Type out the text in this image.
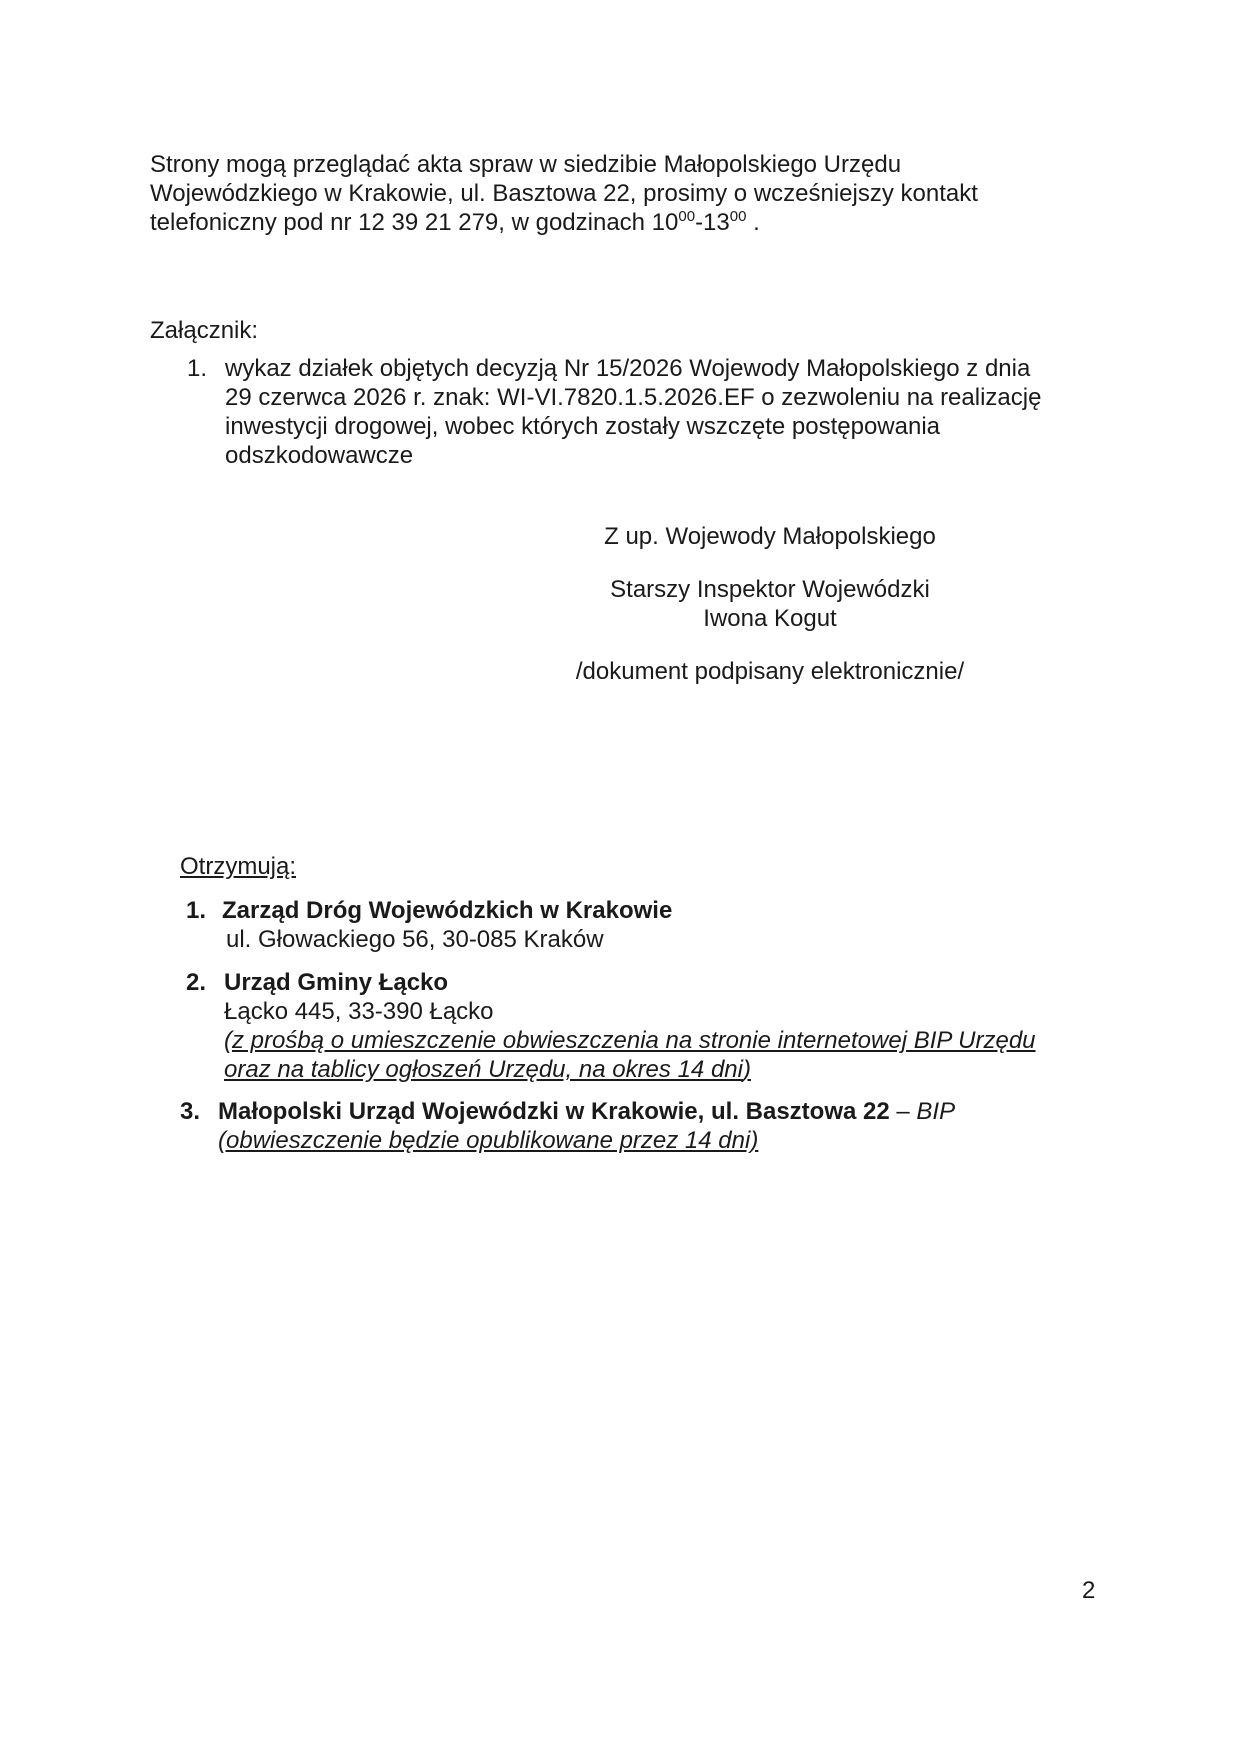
Strony mogą przeglądać akta spraw w siedzibie Małopolskiego Urzędu
Wojewódzkiego w Krakowie, ul. Basztowa 22, prosimy o wcześniejszy kontakt
telefoniczny pod nr 12 39 21 279, w godzinach $10^{00}-13^{00}$ .
Załącznik:
1. wykaz działek objętych decyzją Nr 15/2026 Wojewody Małopolskiego z dnia
29 czerwca 2026 r. znak: WI-VI.7820.1.5.2026.EF o zezwoleniu na realizację
inwestycji drogowej, wobec których zostały wszczęte postępowania
odszkodowawcze
Z up. Wojewody Małopolskiego
Starszy Inspektor Wojewódzki
Iwona Kogut
/dokument podpisany elektronicznie/
Otrzymują:
1. Zarząd Dróg Wojewódzkich w Krakowie
ul. Głowackiego 56, 30-085 Kraków
2. Urząd Gminy Łącko
Łącko 445, 33-390 Łącko
(z prośbą o umieszczenie obwieszczenia na stronie internetowej BIP Urzędu
oraz na tablicy ogłoszeń Urzędu, na okres 14 dni)
3. Małopolski Urząd Wojewódzki w Krakowie, ul. Basztowa 22 – BIP
(obwieszczenie będzie opublikowane przez 14 dni)
2
